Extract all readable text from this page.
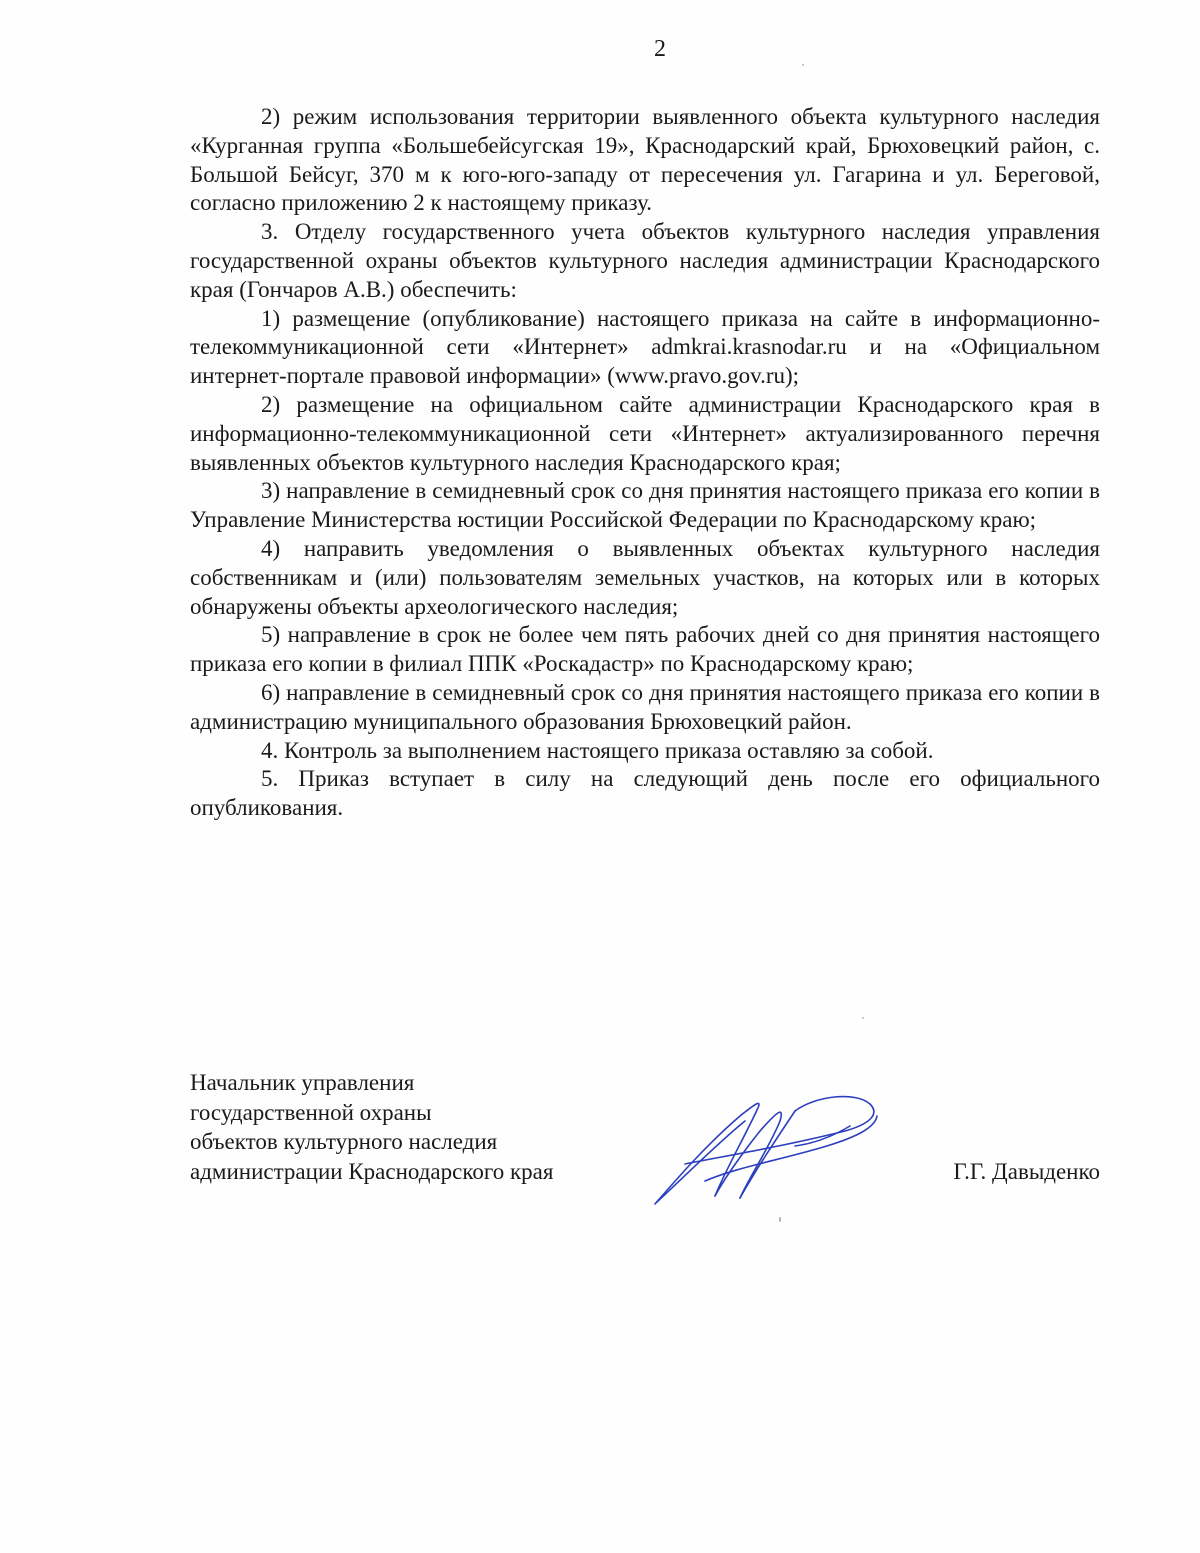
2

2) режим использования территории выявленного объекта культурного наследия «Курганная группа «Большебейсугская 19», Краснодарский край, Брюховецкий район, с. Большой Бейсуг, 370 м к юго-юго-западу от пересечения ул. Гагарина и ул. Береговой, согласно приложению 2 к настоящему приказу.

3. Отделу государственного учета объектов культурного наследия управления государственной охраны объектов культурного наследия администрации Краснодарского края (Гончаров А.В.) обеспечить:

1) размещение (опубликование) настоящего приказа на сайте в информационно-телекоммуникационной сети «Интернет» admkrai.krasnodar.ru и на «Официальном интернет-портале правовой информации» (www.pravo.gov.ru);

2) размещение на официальном сайте администрации Краснодарского края в информационно-телекоммуникационной сети «Интернет» актуализированного перечня выявленных объектов культурного наследия Краснодарского края;

3) направление в семидневный срок со дня принятия настоящего приказа его копии в Управление Министерства юстиции Российской Федерации по Краснодарскому краю;

4) направить уведомления о выявленных объектах культурного наследия собственникам и (или) пользователям земельных участков, на которых или в которых обнаружены объекты археологического наследия;

5) направление в срок не более чем пять рабочих дней со дня принятия настоящего приказа его копии в филиал ППК «Роскадастр» по Краснодарскому краю;

6) направление в семидневный срок со дня принятия настоящего приказа его копии в администрацию муниципального образования Брюховецкий район.

4. Контроль за выполнением настоящего приказа оставляю за собой.

5. Приказ вступает в силу на следующий день после его официального опубликования.

Начальник управления
государственной охраны
объектов культурного наследия
администрации Краснодарского края	Г.Г. Давыденко
